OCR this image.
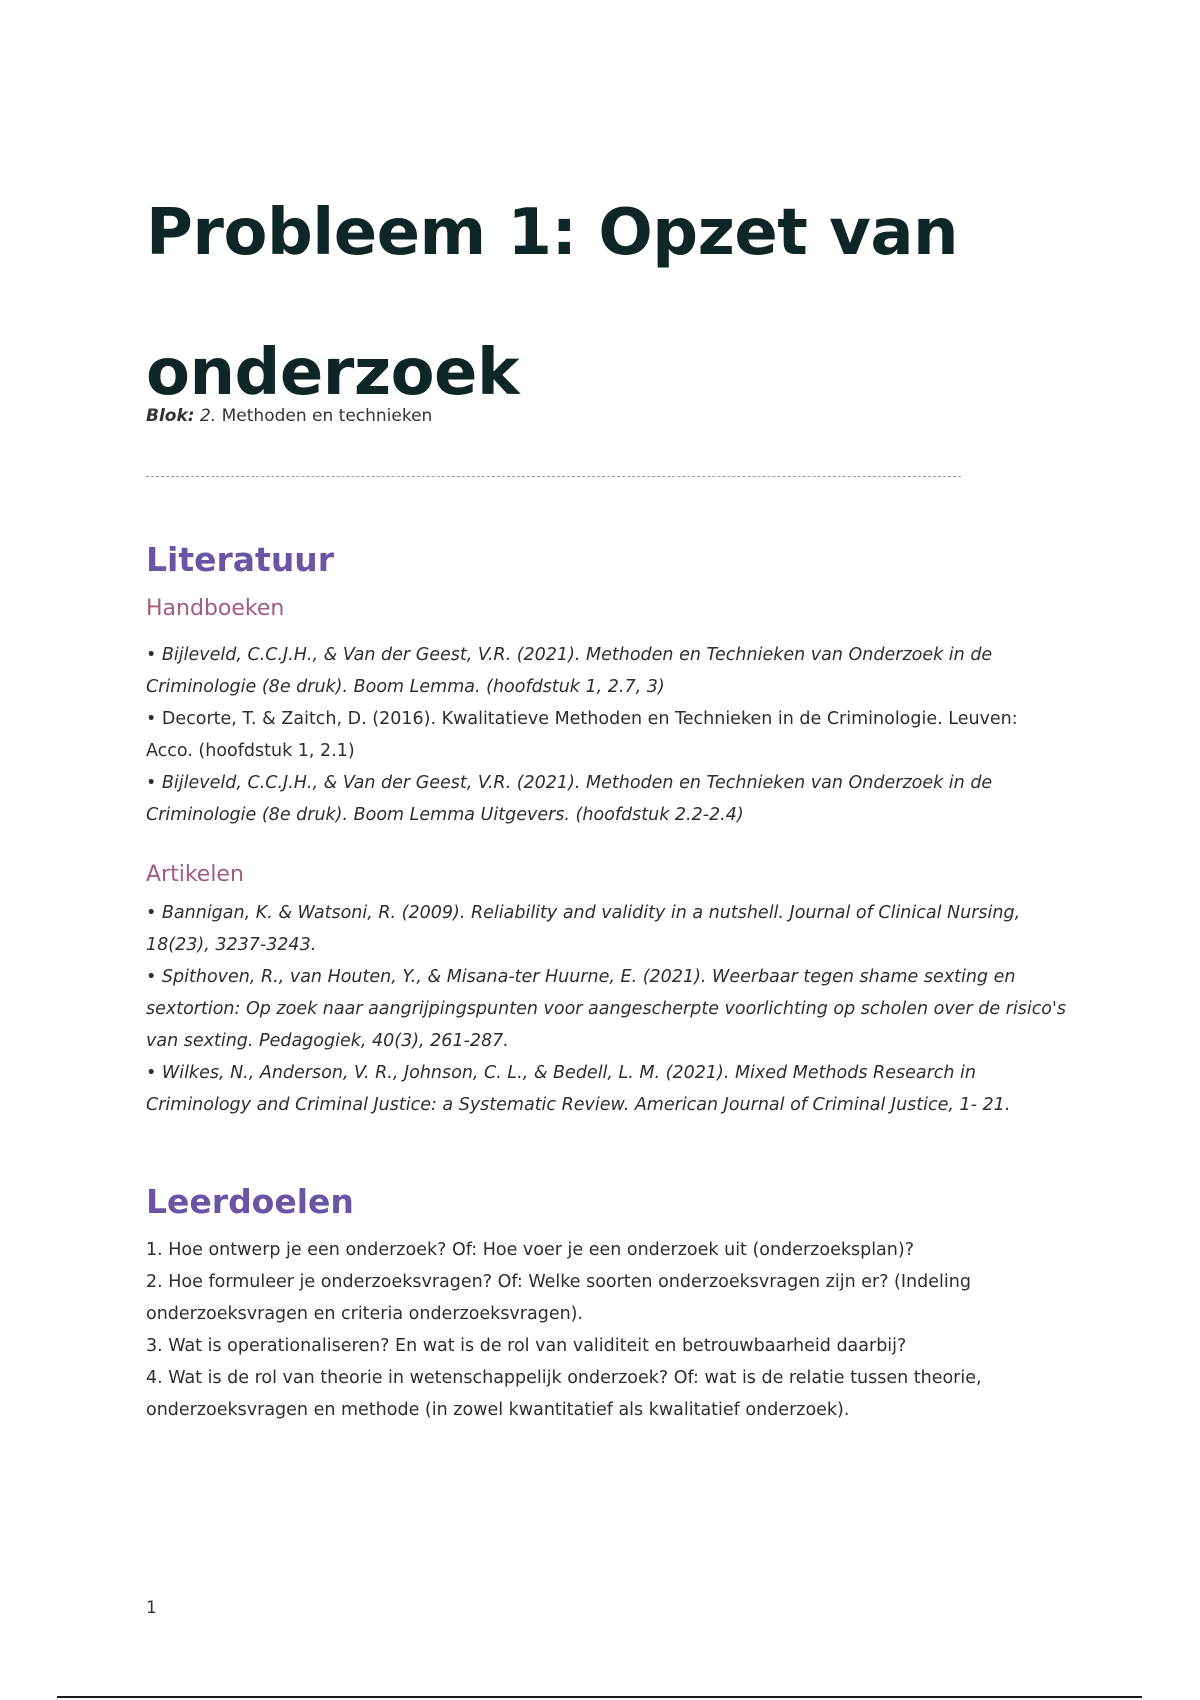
Probleem 1: Opzet van
onderzoek
Blok: 2. Methoden en technieken
Literatuur
Handboeken
• Bijleveld, C.C.J.H., & Van der Geest, V.R. (2021). Methoden en Technieken van Onderzoek in de Criminologie (8e druk). Boom Lemma. (hoofdstuk 1, 2.7, 3)
• Decorte, T. & Zaitch, D. (2016). Kwalitatieve Methoden en Technieken in de Criminologie. Leuven: Acco. (hoofdstuk 1, 2.1)
• Bijleveld, C.C.J.H., & Van der Geest, V.R. (2021). Methoden en Technieken van Onderzoek in de Criminologie (8e druk). Boom Lemma Uitgevers. (hoofdstuk 2.2-2.4)
Artikelen
• Bannigan, K. & Watsoni, R. (2009). Reliability and validity in a nutshell. Journal of Clinical Nursing, 18(23), 3237-3243.
• Spithoven, R., van Houten, Y., & Misana-ter Huurne, E. (2021). Weerbaar tegen shame sexting en sextortion: Op zoek naar aangrijpingspunten voor aangescherpte voorlichting op scholen over de risico's van sexting. Pedagogiek, 40(3), 261-287.
• Wilkes, N., Anderson, V. R., Johnson, C. L., & Bedell, L. M. (2021). Mixed Methods Research in Criminology and Criminal Justice: a Systematic Review. American Journal of Criminal Justice, 1- 21.
Leerdoelen
1. Hoe ontwerp je een onderzoek? Of: Hoe voer je een onderzoek uit (onderzoeksplan)?
2. Hoe formuleer je onderzoeksvragen? Of: Welke soorten onderzoeksvragen zijn er? (Indeling onderzoeksvragen en criteria onderzoeksvragen).
3. Wat is operationaliseren? En wat is de rol van validiteit en betrouwbaarheid daarbij?
4. Wat is de rol van theorie in wetenschappelijk onderzoek? Of: wat is de relatie tussen theorie, onderzoeksvragen en methode (in zowel kwantitatief als kwalitatief onderzoek).
1
